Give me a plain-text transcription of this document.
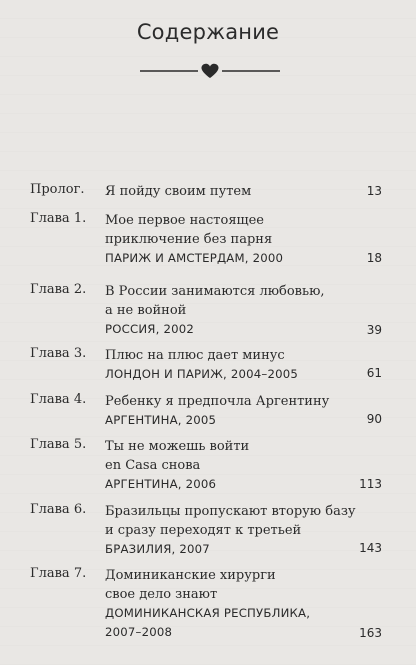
Содержание
Пролог. Я пойду своим путем	13
Глава 1. Мое первое настоящее
приключение без парня
ПАРИЖ И АМСТЕРДАМ, 2000	18
Глава 2. В России занимаются любовью,
а не войной
РОССИЯ, 2002	39
Глава 3. Плюс на плюс дает минус
ЛОНДОН И ПАРИЖ, 2004–2005	61
Глава 4. Ребенку я предпочла Аргентину
АРГЕНТИНА, 2005	90
Глава 5. Ты не можешь войти
en Casa снова
АРГЕНТИНА, 2006	113
Глава 6. Бразильцы пропускают вторую базу
и сразу переходят к третьей
БРАЗИЛИЯ, 2007	143
Глава 7. Доминиканские хирурги
свое дело знают
ДОМИНИКАНСКАЯ РЕСПУБЛИКА,
2007–2008	163
